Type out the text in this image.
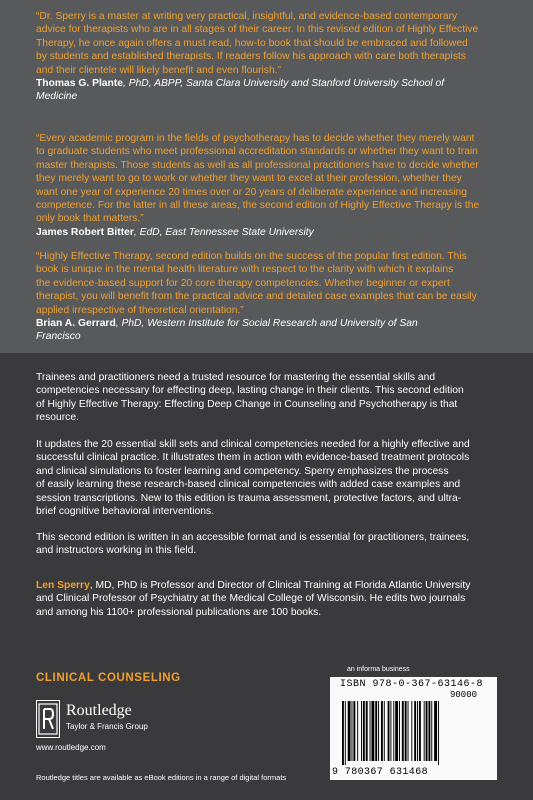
“Dr. Sperry is a master at writing very practical, insightful, and evidence-based contemporary
advice for therapists who are in all stages of their career. In this revised edition of Highly Effective
Therapy, he once again offers a must read, how-to book that should be embraced and followed
by students and established therapists. If readers follow his approach with care both therapists
and their clientele will likely benefit and even flourish.”

Thomas G. Plante, PhD, ABPP, Santa Clara University and Stanford University School of
Medicine

“Every academic program in the fields of psychotherapy has to decide whether they merely want
to graduate students who meet professional accreditation standards or whether they want to train
master therapists. Those students as well as all professional practitioners have to decide whether
they merely want to go to work or whether they want to excel at their profession, whether they
want one year of experience 20 times over or 20 years of deliberate experience and increasing
competence. For the latter in all these areas, the second edition of Highly Effective Therapy is the
only book that matters.”

James Robert Bitter, EdD, East Tennessee State University

“Highly Effective Therapy, second edition builds on the success of the popular first edition. This
book is unique in the mental health literature with respect to the clarity with which it explains
the evidence-based support for 20 core therapy competencies. Whether beginner or expert
therapist, you will benefit from the practical advice and detailed case examples that can be easily
applied irrespective of theoretical orientation.”

Brian A. Gerrard, PhD, Western Institute for Social Research and University of San
Francisco

Trainees and practitioners need a trusted resource for mastering the essential skills and
competencies necessary for effecting deep, lasting change in their clients. This second edition
of Highly Effective Therapy: Effecting Deep Change in Counseling and Psychotherapy is that
resource.

It updates the 20 essential skill sets and clinical competencies needed for a highly effective and
successful clinical practice. It illustrates them in action with evidence-based treatment protocols
and clinical simulations to foster learning and competency. Sperry emphasizes the process
of easily learning these research-based clinical competencies with added case examples and
session transcriptions. New to this edition is trauma assessment, protective factors, and ultra-
brief cognitive behavioral interventions.

This second edition is written in an accessible format and is essential for practitioners, trainees,
and instructors working in this field.

Len Sperry, MD, PhD is Professor and Director of Clinical Training at Florida Atlantic University
and Clinical Professor of Psychiatry at the Medical College of Wisconsin. He edits two journals
and among his 1100+ professional publications are 100 books.

CLINICAL COUNSELING
Routledge
Taylor & Francis Group
www.routledge.com
Routledge titles are available as eBook editions in a range of digital formats
an informa business
ISBN 978-0-367-63146-8
90000
9 780367 631468
